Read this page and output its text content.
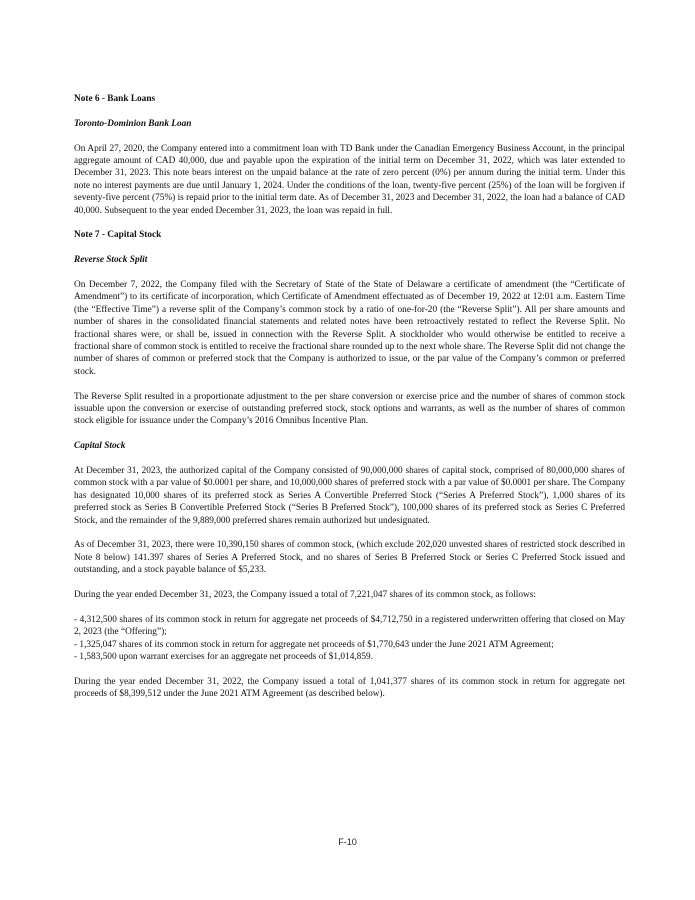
Note 6 - Bank Loans
Toronto-Dominion Bank Loan

On April 27, 2020, the Company entered into a commitment loan with TD Bank under the Canadian Emergency Business Account, in the principal aggregate amount of CAD 40,000, due and payable upon the expiration of the initial term on December 31, 2022, which was later extended to December 31, 2023. This note bears interest on the unpaid balance at the rate of zero percent (0%) per annum during the initial term. Under this note no interest payments are due until January 1, 2024. Under the conditions of the loan, twenty-five percent (25%) of the loan will be forgiven if seventy-five percent (75%) is repaid prior to the initial term date. As of December 31, 2023 and December 31, 2022, the loan had a balance of CAD 40,000. Subsequent to the year ended December 31, 2023, the loan was repaid in full.

Note 7 - Capital Stock
Reverse Stock Split

On December 7, 2022, the Company filed with the Secretary of State of the State of Delaware a certificate of amendment (the “Certificate of Amendment”) to its certificate of incorporation, which Certificate of Amendment effectuated as of December 19, 2022 at 12:01 a.m. Eastern Time (the “Effective Time”) a reverse split of the Company’s common stock by a ratio of one-for-20 (the “Reverse Split”). All per share amounts and number of shares in the consolidated financial statements and related notes have been retroactively restated to reflect the Reverse Split. No fractional shares were, or shall be, issued in connection with the Reverse Split. A stockholder who would otherwise be entitled to receive a fractional share of common stock is entitled to receive the fractional share rounded up to the next whole share. The Reverse Split did not change the number of shares of common or preferred stock that the Company is authorized to issue, or the par value of the Company’s common or preferred stock.

The Reverse Split resulted in a proportionate adjustment to the per share conversion or exercise price and the number of shares of common stock issuable upon the conversion or exercise of outstanding preferred stock, stock options and warrants, as well as the number of shares of common stock eligible for issuance under the Company’s 2016 Omnibus Incentive Plan.

Capital Stock

At December 31, 2023, the authorized capital of the Company consisted of 90,000,000 shares of capital stock, comprised of 80,000,000 shares of common stock with a par value of $0.0001 per share, and 10,000,000 shares of preferred stock with a par value of $0.0001 per share. The Company has designated 10,000 shares of its preferred stock as Series A Convertible Preferred Stock (“Series A Preferred Stock”), 1,000 shares of its preferred stock as Series B Convertible Preferred Stock (“Series B Preferred Stock”), 100,000 shares of its preferred stock as Series C Preferred Stock, and the remainder of the 9,889,000 preferred shares remain authorized but undesignated.

As of December 31, 2023, there were 10,390,150 shares of common stock, (which exclude 202,020 unvested shares of restricted stock described in Note 8 below) 141.397 shares of Series A Preferred Stock, and no shares of Series B Preferred Stock or Series C Preferred Stock issued and outstanding, and a stock payable balance of $5,233.

During the year ended December 31, 2023, the Company issued a total of 7,221,047 shares of its common stock, as follows:

- 4,312,500 shares of its common stock in return for aggregate net proceeds of $4,712,750 in a registered underwritten offering that closed on May 2, 2023 (the “Offering”);

- 1,325,047 shares of its common stock in return for aggregate net proceeds of $1,770,643 under the June 2021 ATM Agreement;

- 1,583,500 upon warrant exercises for an aggregate net proceeds of $1,014,859.

During the year ended December 31, 2022, the Company issued a total of 1,041,377 shares of its common stock in return for aggregate net proceeds of $8,399,512 under the June 2021 ATM Agreement (as described below).

F-10
